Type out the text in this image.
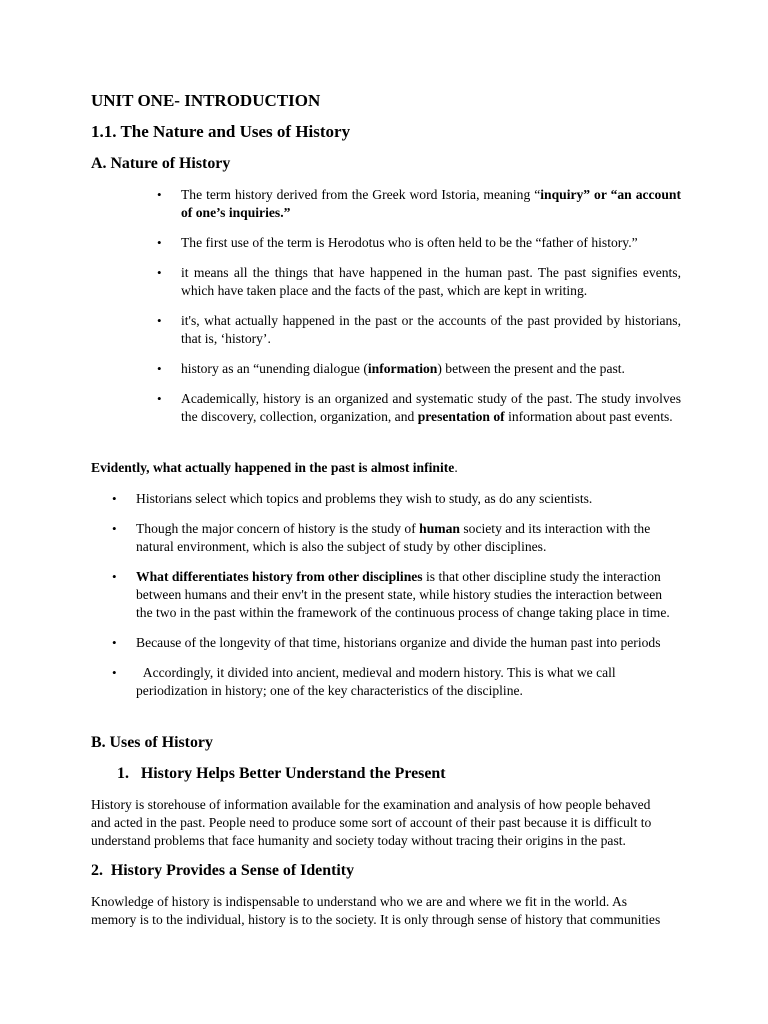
UNIT ONE- INTRODUCTION
1.1. The Nature and Uses of History
A. Nature of History
• The term history derived from the Greek word Istoria, meaning “inquiry” or “an account of one’s inquiries.”
• The first use of the term is Herodotus who is often held to be the “father of history.”
• it means all the things that have happened in the human past. The past signifies events, which have taken place and the facts of the past, which are kept in writing.
• it's, what actually happened in the past or the accounts of the past provided by historians, that is, ‘history’.
• history as an “unending dialogue (information) between the present and the past.
• Academically, history is an organized and systematic study of the past. The study involves the discovery, collection, organization, and presentation of information about past events.

Evidently, what actually happened in the past is almost infinite.

• Historians select which topics and problems they wish to study, as do any scientists.
• Though the major concern of history is the study of human society and its interaction with the natural environment, which is also the subject of study by other disciplines.
• What differentiates history from other disciplines is that other discipline study the interaction between humans and their env't in the present state, while history studies the interaction between the two in the past within the framework of the continuous process of change taking place in time.
• Because of the longevity of that time, historians organize and divide the human past into periods
• Accordingly, it divided into ancient, medieval and modern history. This is what we call periodization in history; one of the key characteristics of the discipline.
B. Uses of History
1.   History Helps Better Understand the Present

History is storehouse of information available for the examination and analysis of how people behaved and acted in the past. People need to produce some sort of account of their past because it is difficult to understand problems that face humanity and society today without tracing their origins in the past.

2.  History Provides a Sense of Identity

Knowledge of history is indispensable to understand who we are and where we fit in the world. As memory is to the individual, history is to the society. It is only through sense of history that communities
